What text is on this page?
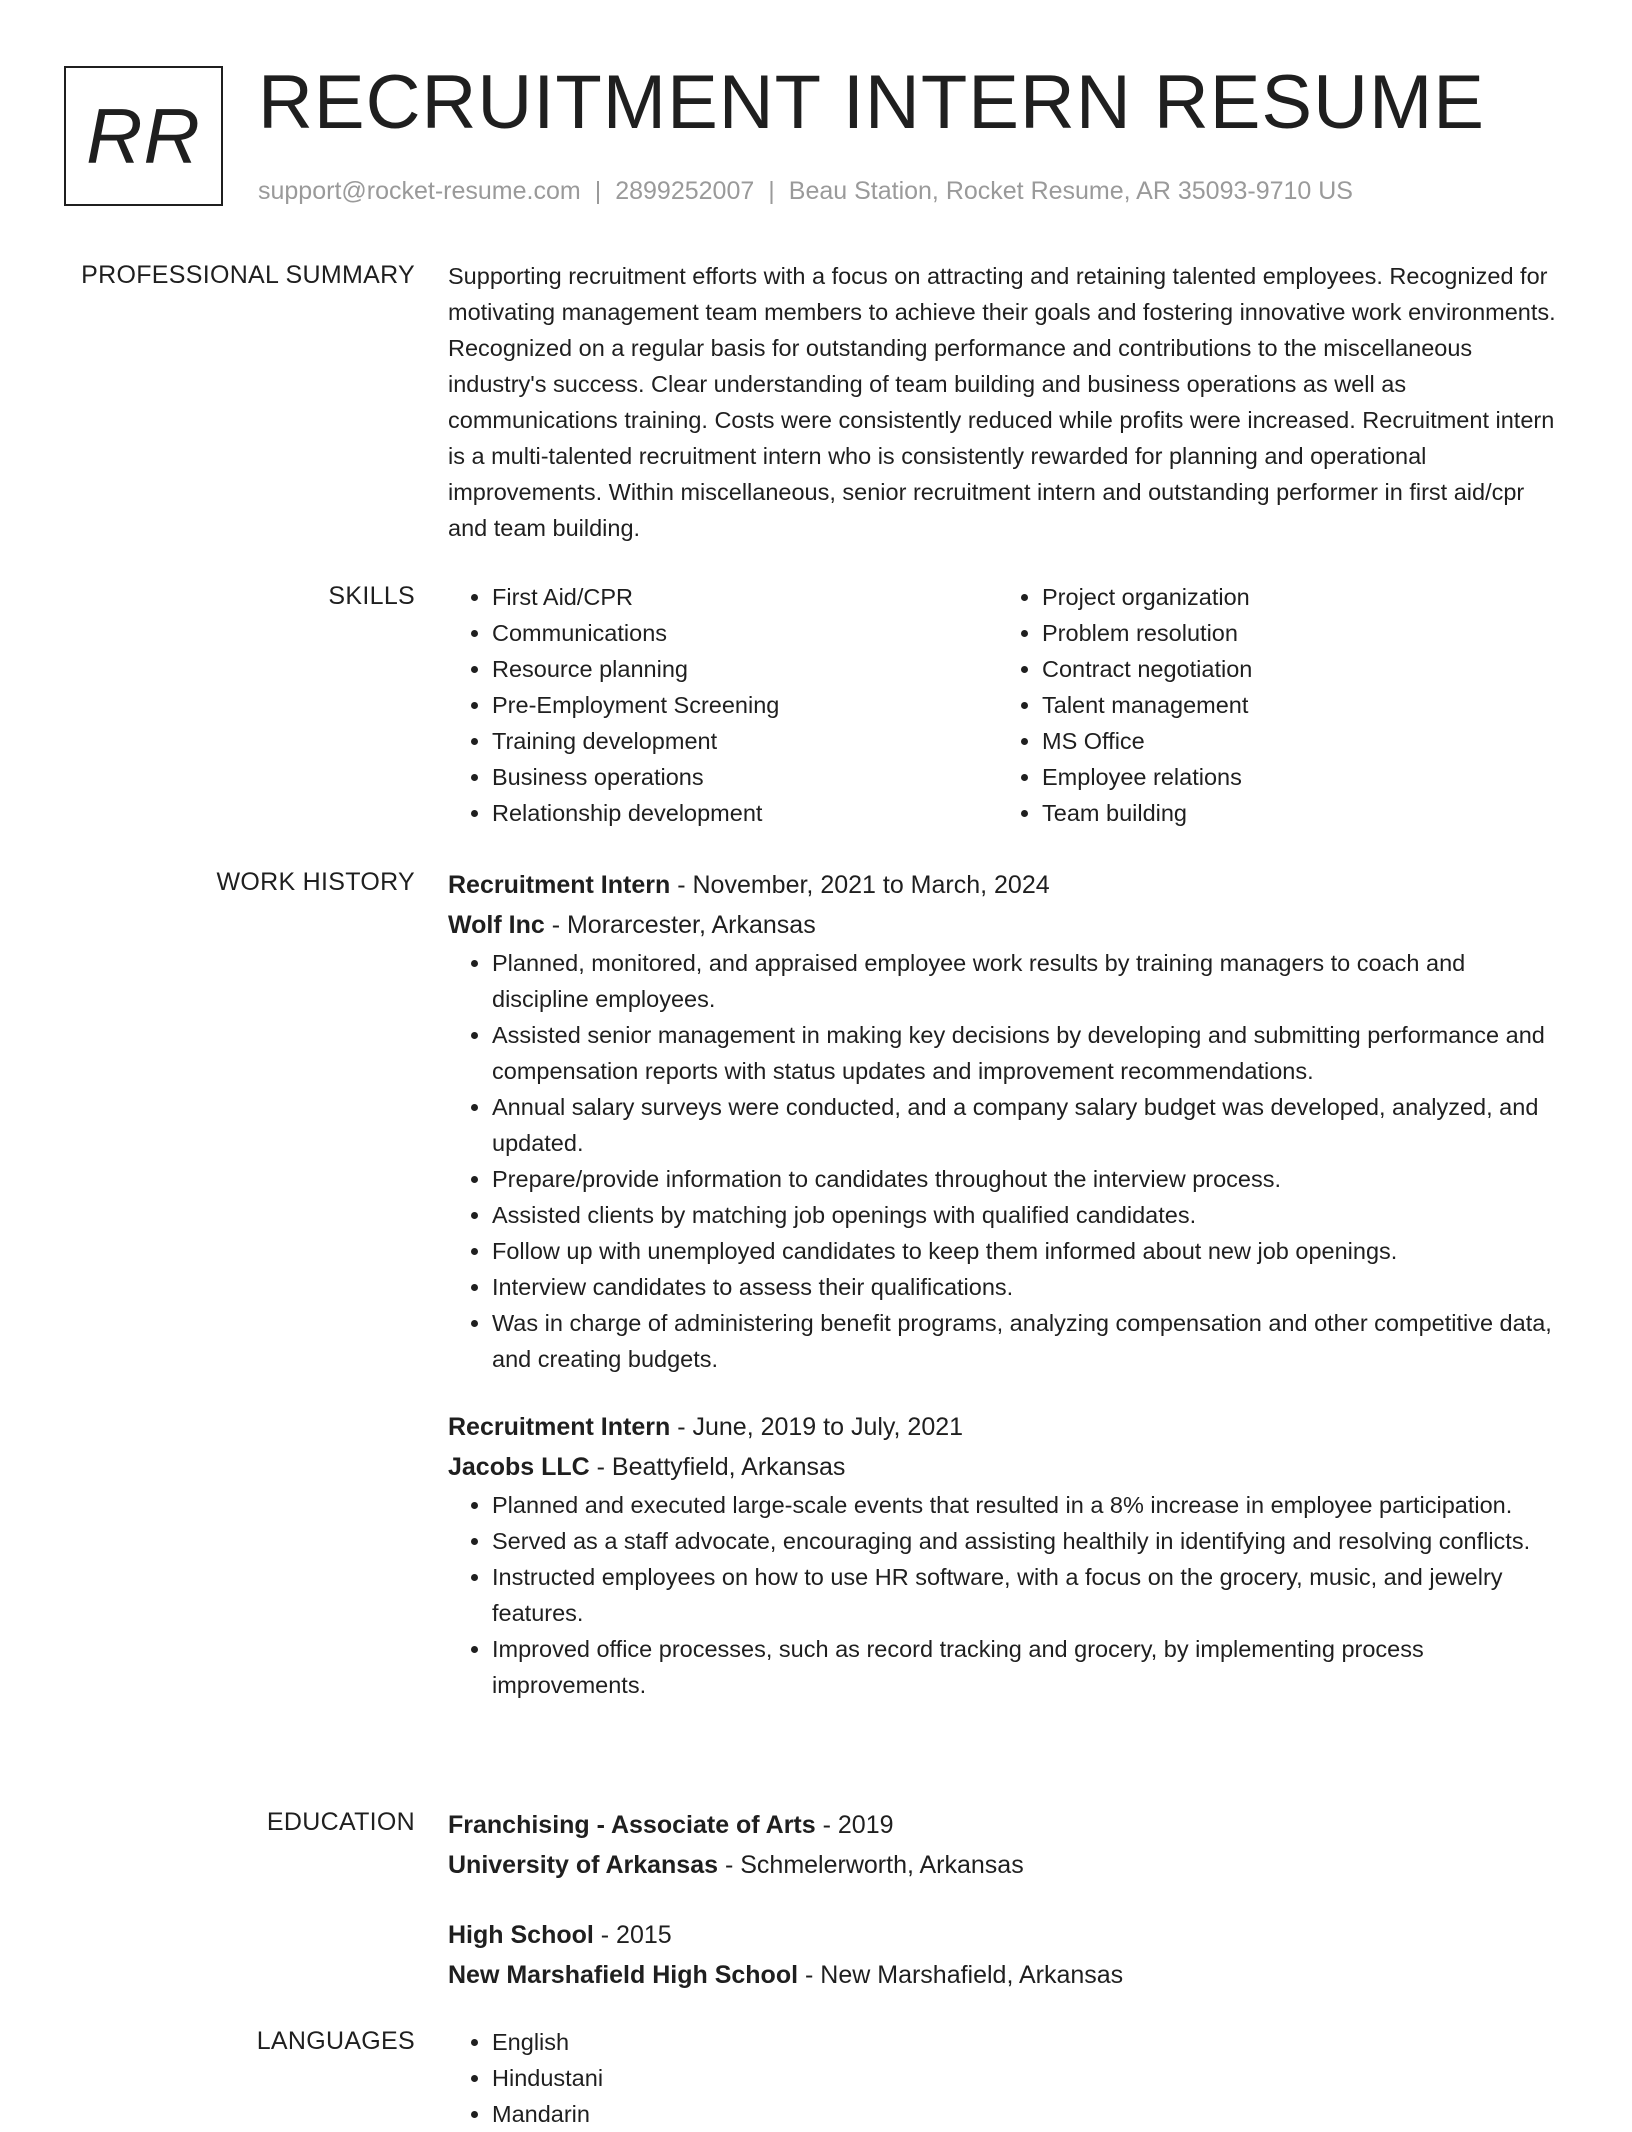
RR RECRUITMENT INTERN RESUME
support@rocket-resume.com | 2899252007 | Beau Station, Rocket Resume, AR 35093-9710 US
PROFESSIONAL SUMMARY Supporting recruitment efforts with a focus on attracting and retaining talented employees. Recognized for motivating management team members to achieve their goals and fostering innovative work environments. Recognized on a regular basis for outstanding performance and contributions to the miscellaneous industry's success. Clear understanding of team building and business operations as well as communications training. Costs were consistently reduced while profits were increased. Recruitment intern is a multi-talented recruitment intern who is consistently rewarded for planning and operational improvements. Within miscellaneous, senior recruitment intern and outstanding performer in first aid/cpr and team building.

SKILLS	• First Aid/CPR
• Communications
• Resource planning
• Pre-Employment Screening
• Training development
• Business operations
• Relationship development
• Project organization
• Problem resolution
• Contract negotiation
• Talent management
• MS Office
• Employee relations
• Team building
WORK HISTORY Recruitment Intern - November, 2021 to March, 2024

Wolf Inc - Morarcester, Arkansas

• Planned, monitored, and appraised employee work results by training managers to coach and discipline employees.
• Assisted senior management in making key decisions by developing and submitting performance and compensation reports with status updates and improvement recommendations.
• Annual salary surveys were conducted, and a company salary budget was developed, analyzed, and updated.
• Prepare/provide information to candidates throughout the interview process.
• Assisted clients by matching job openings with qualified candidates.
• Follow up with unemployed candidates to keep them informed about new job openings.
• Interview candidates to assess their qualifications.
• Was in charge of administering benefit programs, analyzing compensation and other competitive data, and creating budgets.

Recruitment Intern - June, 2019 to July, 2021

Jacobs LLC - Beattyfield, Arkansas

• Planned and executed large-scale events that resulted in a 8% increase in employee participation.
• Served as a staff advocate, encouraging and assisting healthily in identifying and resolving conflicts.
• Instructed employees on how to use HR software, with a focus on the grocery, music, and jewelry features.
• Improved office processes, such as record tracking and grocery, by implementing process improvements.
EDUCATION Franchising - Associate of Arts - 2019

University of Arkansas - Schmelerworth, Arkansas

High School - 2015

New Marshafield High School - New Marshafield, Arkansas

LANGUAGES	• English
• Hindustani
• Mandarin
